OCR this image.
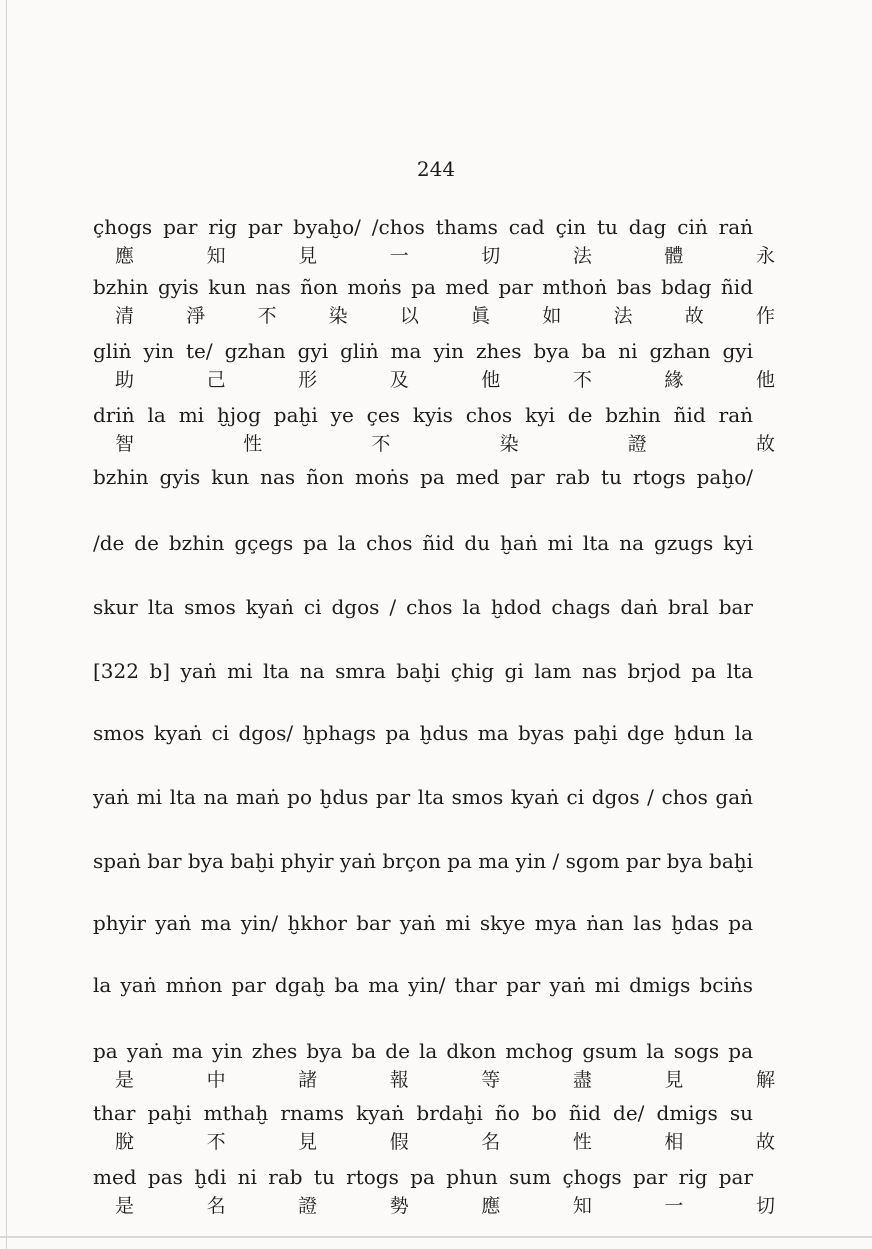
244
çhogs par rig par byaḫo/ /chos thams cad çin tu dag ciṅ raṅ
應	知	見	一	切	法	體	永
bzhin gyis kun nas ñon moṅs pa med par mthoṅ bas bdag ñid
清	淨	不	染	以	眞	如	法	故	作
gliṅ yin te/ gzhan gyi gliṅ ma yin zhes bya ba ni gzhan gyi
助	己	形	及	他	不	緣	他
driṅ la mi ḫjog paḫi ye çes kyis chos kyi de bzhin ñid raṅ
智	性	不	染	證	故
bzhin gyis kun nas ñon moṅs pa med par rab tu rtogs paḫo/
/de de bzhin gçegs pa la chos ñid du ḫaṅ mi lta na gzugs kyi
skur lta smos kyaṅ ci dgos / chos la ḫdod chags daṅ bral bar
[322 b] yaṅ mi lta na smra baḫi çhig gi lam nas brjod pa lta
smos kyaṅ ci dgos/ ḫphags pa ḫdus ma byas paḫi dge ḫdun la
yaṅ mi lta na maṅ po ḫdus par lta smos kyaṅ ci dgos / chos gaṅ
spaṅ bar bya baḫi phyir yaṅ brçon pa ma yin / sgom par bya baḫi
phyir yaṅ ma yin/ ḫkhor bar yaṅ mi skye mya ṅan las ḫdas pa
la yaṅ mṅon par dgaḫ ba ma yin/ thar par yaṅ mi dmigs bciṅs
pa yaṅ ma yin zhes bya ba de la dkon mchog gsum la sogs pa
是	中	諸	報	等	盡	見	解
thar paḫi mthaḫ rnams kyaṅ brdaḫi ño bo ñid de/ dmigs su
脫	不	見	假	名	性	相	故
med pas ḫdi ni rab tu rtogs pa phun sum çhogs par rig par
是	名	證	勢	應	知	一	切
